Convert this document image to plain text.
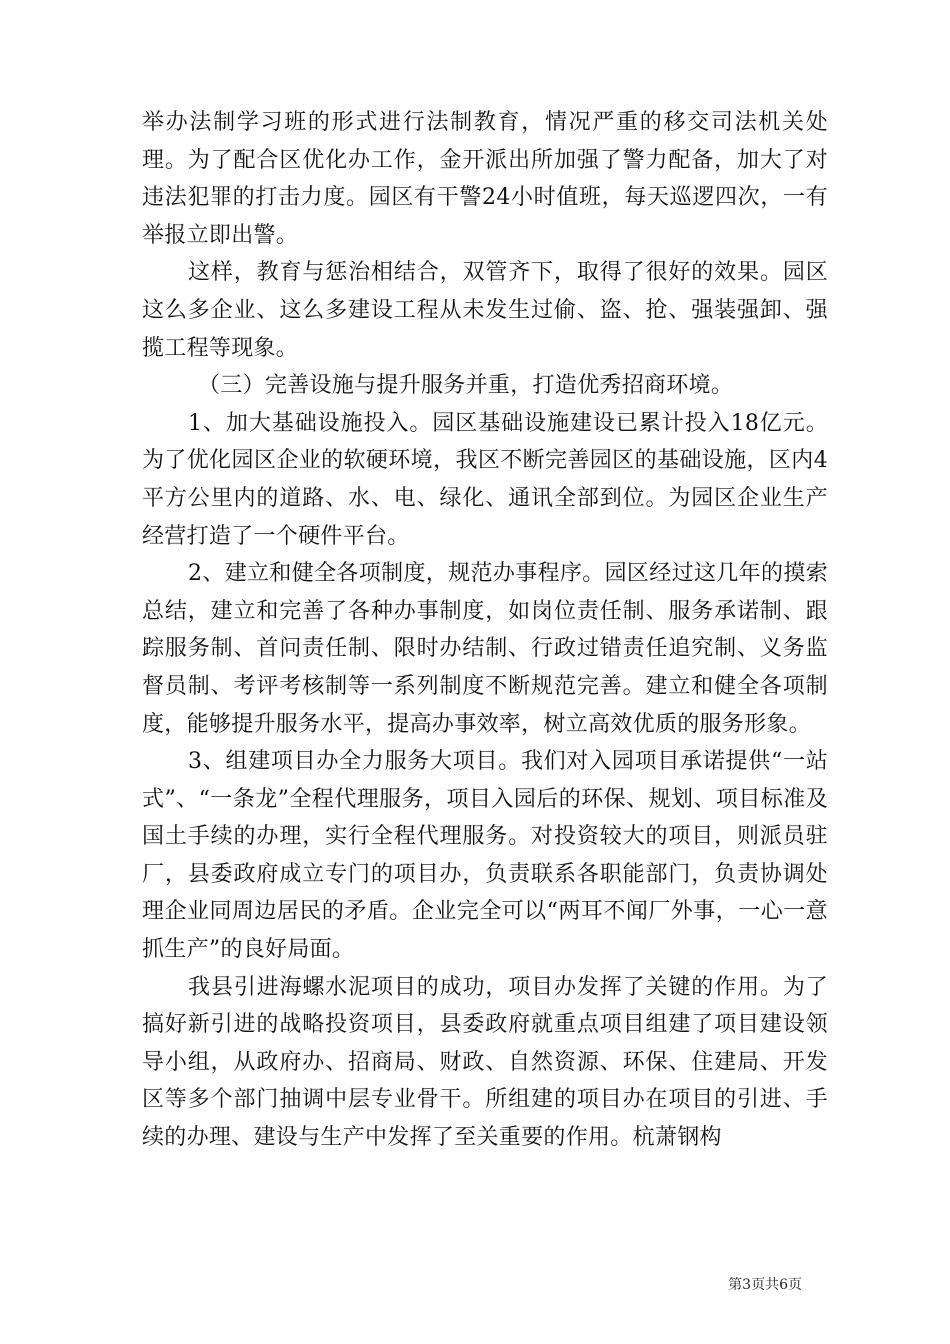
举办法制学习班的形式进行法制教育，情况严重的移交司法机关处理。为了配合区优化办工作，金开派出所加强了警力配备，加大了对违法犯罪的打击力度。园区有干警24小时值班，每天巡逻四次，一有举报立即出警。

这样，教育与惩治相结合，双管齐下，取得了很好的效果。园区这么多企业、这么多建设工程从未发生过偷、盗、抢、强装强卸、强揽工程等现象。

（三）完善设施与提升服务并重，打造优秀招商环境。

1、加大基础设施投入。园区基础设施建设已累计投入18亿元。为了优化园区企业的软硬环境，我区不断完善园区的基础设施，区内4平方公里内的道路、水、电、绿化、通讯全部到位。为园区企业生产经营打造了一个硬件平台。

2、建立和健全各项制度，规范办事程序。园区经过这几年的摸索总结，建立和完善了各种办事制度，如岗位责任制、服务承诺制、跟踪服务制、首问责任制、限时办结制、行政过错责任追究制、义务监督员制、考评考核制等一系列制度不断规范完善。建立和健全各项制度，能够提升服务水平，提高办事效率，树立高效优质的服务形象。

3、组建项目办全力服务大项目。我们对入园项目承诺提供“一站式”、“一条龙”全程代理服务，项目入园后的环保、规划、项目标准及国土手续的办理，实行全程代理服务。对投资较大的项目，则派员驻厂，县委政府成立专门的项目办，负责联系各职能部门，负责协调处理企业同周边居民的矛盾。企业完全可以“两耳不闻厂外事，一心一意抓生产”的良好局面。

我县引进海螺水泥项目的成功，项目办发挥了关键的作用。为了搞好新引进的战略投资项目，县委政府就重点项目组建了项目建设领导小组，从政府办、招商局、财政、自然资源、环保、住建局、开发区等多个部门抽调中层专业骨干。所组建的项目办在项目的引进、手续的办理、建设与生产中发挥了至关重要的作用。杭萧钢构

第3页共6页
